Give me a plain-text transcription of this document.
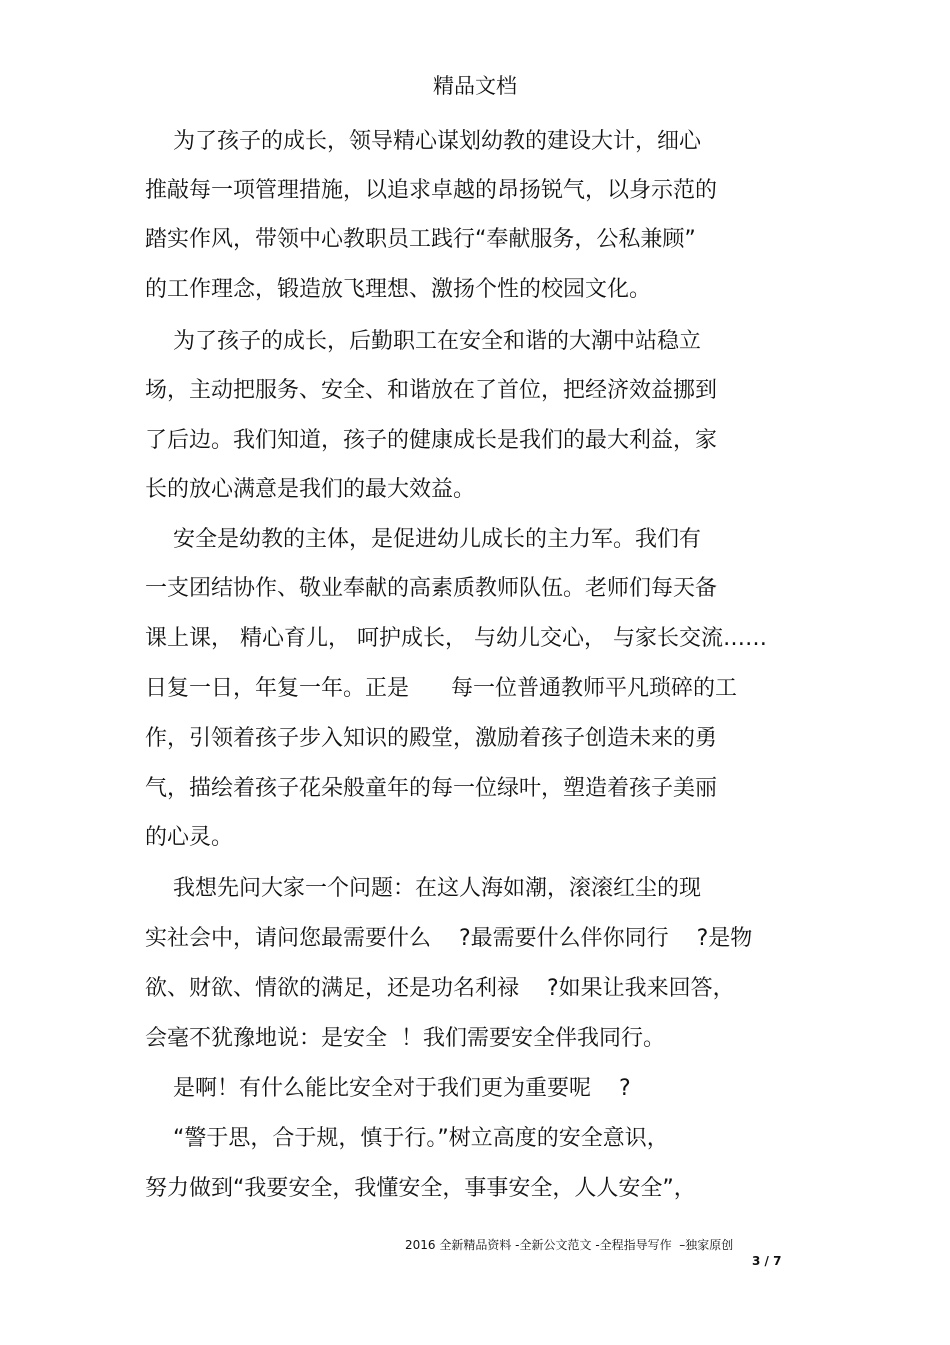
精品文档
为了孩子的成长，领导精心谋划幼教的建设大计，细心
推敲每一项管理措施，以追求卓越的昂扬锐气，以身示范的
踏实作风，带领中心教职员工践行“奉献服务，公私兼顾”
的工作理念，锻造放飞理想、激扬个性的校园文化。
为了孩子的成长，后勤职工在安全和谐的大潮中站稳立
场，主动把服务、安全、和谐放在了首位，把经济效益挪到
了后边。我们知道，孩子的健康成长是我们的最大利益，家
长的放心满意是我们的最大效益。
安全是幼教的主体，是促进幼儿成长的主力军。我们有
一支团结协作、敬业奉献的高素质教师队伍。老师们每天备
课上课， 精心育儿， 呵护成长， 与幼儿交心， 与家长交流……
日复一日，年复一年。正是      每一位普通教师平凡琐碎的工
作，引领着孩子步入知识的殿堂，激励着孩子创造未来的勇
气，描绘着孩子花朵般童年的每一位绿叶，塑造着孩子美丽
的心灵。
我想先问大家一个问题：在这人海如潮，滚滚红尘的现
实社会中，请问您最需要什么    ?最需要什么伴你同行    ?是物
欲、财欲、情欲的满足，还是功名利禄    ?如果让我来回答，
会毫不犹豫地说：是安全  ！我们需要安全伴我同行。
是啊！有什么能比安全对于我们更为重要呢    ?
“警于思，合于规，慎于行。”树立高度的安全意识，
努力做到“我要安全，我懂安全，事事安全，人人安全”，
2016 全新精品资料 -全新公文范文 -全程指导写作  –独家原创
3 / 7
